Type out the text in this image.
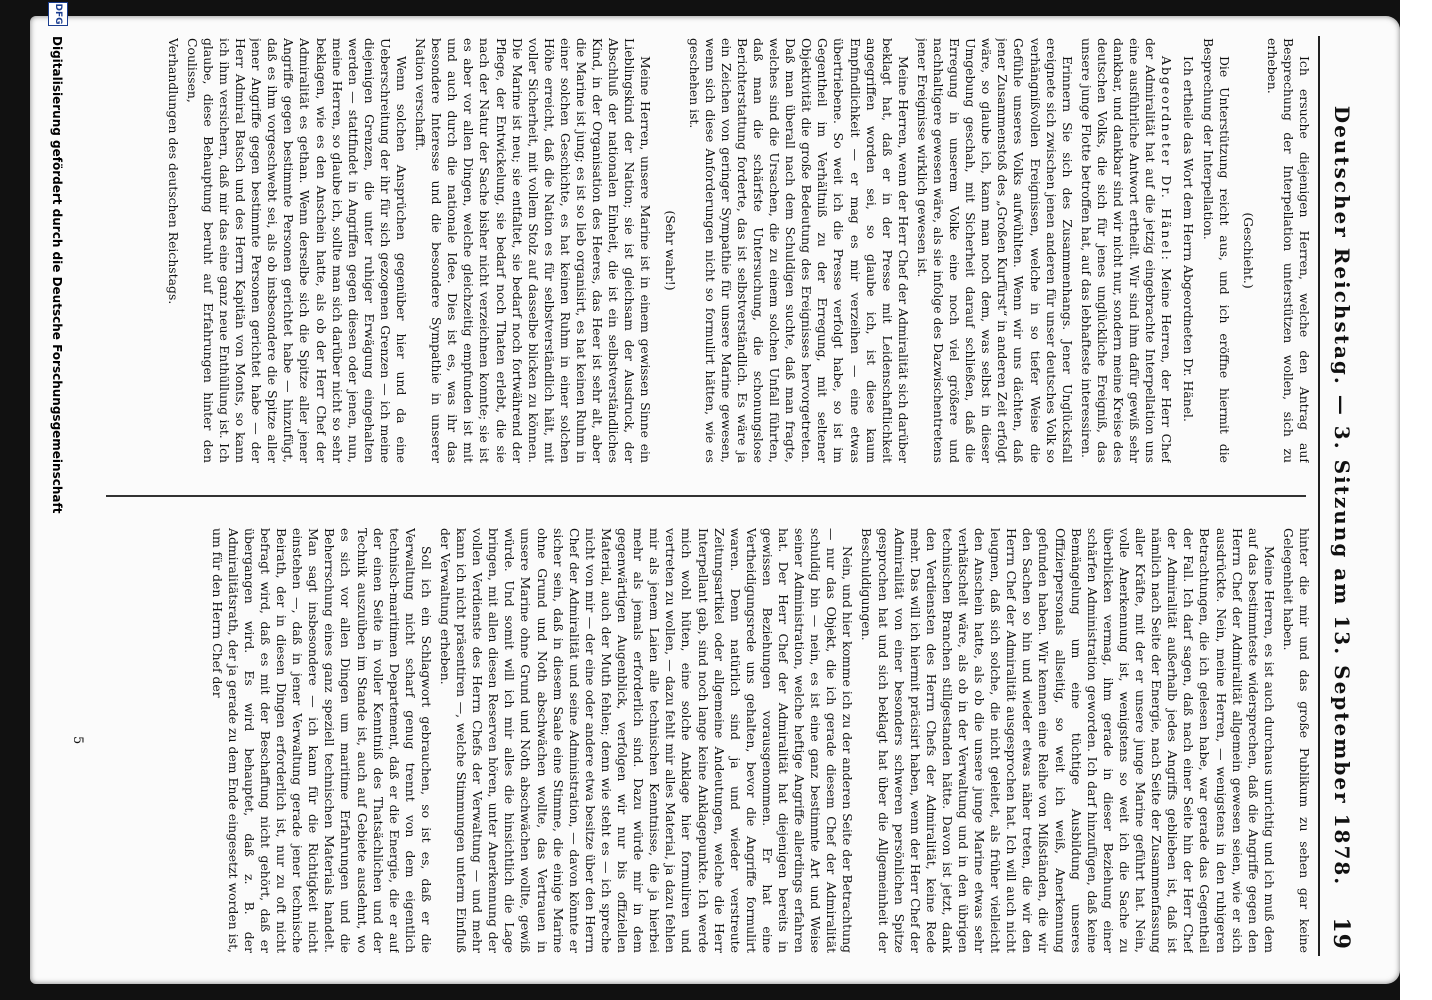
Deutscher Reichstag. — 3. Sitzung am 13. September 1878.
19

Ich ersuche diejenigen Herren, welche den Antrag auf Besprechung der Interpellation unterstützen wollen, sich zu erheben.

(Geschieht.)

Die Unterstützung reicht aus, und ich eröffne hiermit die Besprechung der Interpellation.

Ich ertheile das Wort dem Herrn Abgeordneten Dr. Hänel.

Abgeordneter Dr. Hänel: Meine Herren, der Herr Chef der Admiralität hat auf die jetzig eingebrachte Interpellation uns eine ausführliche Antwort ertheilt. Wir sind ihm dafür gewiß sehr dankbar, und dankbar sind wir nicht nur, sondern meine Kreise des deutschen Volks, die sich für jenes unglückliche Ereigniß, das unsere junge Flotte betroffen hat, auf das lebhafteste interessiren.

Erinnern Sie sich des Zusammenhangs. Jener Unglücksfall ereignete sich zwischen jenen anderen für unser deutsches Volk so verhängnißvollen Ereignissen, welche in so tiefer Weise die Gefühle unseres Volks aufwühlten. Wenn wir uns dächten, daß jener Zusammenstoß des „Großen Kurfürst“ in anderen Zeit erfolgt wäre, so glaube ich, kann man noch dem, was selbst in dieser Umgebung geschah, mit Sicherheit darauf schließen, daß die Erregung in unserem Volke eine noch viel größere und nachhaltigere gewesen wäre, als sie infolge des Dazwischentretens jener Ereignisse wirklich gewesen ist.

Meine Herren, wenn der Herr Chef der Admiralität sich darüber beklagt hat, daß er in der Presse mit Leidenschaftlichkeit angegriffen worden sei, so glaube ich, ist diese kaum Empfindlichkeit — er mag es mir verzeihen — eine etwas übertriebene. So weit ich die Presse verfolgt habe, so ist im Gegentheil im Verhältniß zu der Erregung, mit seltener Objektivität die große Bedeutung des Ereignisses hervorgetreten. Daß man überall nach dem Schuldigen suchte, daß man fragte, welches sind die Ursachen, die zu einem solchen Unfall führten, daß man die schärfste Untersuchung, die schonungslose Berichterstattung forderte, das ist selbstverständlich. Es wäre ja ein Zeichen von geringer Sympathie für unsere Marine gewesen, wenn sich diese Anforderungen nicht so formulirt hätten, wie es geschehen ist.

(Sehr wahr!)

Meine Herren, unsere Marine ist in einem gewissen Sinne ein Lieblingskind der Nation; sie ist gleichsam der Ausdruck, der Abschluß der nationalen Einheit, die ist ein selbstverständliches Kind, in der Organisation des Heeres, das Heer ist sehr alt, aber die Marine ist jung; es ist so lieb organisirt, es hat keinen Ruhm in einer solchen Geschichte, es hat keinen Ruhm in einer solchen Höhe erreicht, daß die Nation es für selbstverständlich hält, mit voller Sicherheit, mit vollem Stolz auf dasselbe blicken zu können. Die Marine ist neu; sie entfaltet, sie bedarf noch fortwährend der Pflege, der Entwickelung, sie bedarf noch Thaten erlebt, die sie nach der Natur der Sache bisher nicht verzeichnen konnte; sie ist es aber vor allen Dingen, welche gleichzeitig empfunden ist mit und auch durch die nationale Idee. Dies ist es, was ihr das besondere Interesse und die besondere Sympathie in unserer Nation verschafft.

Wenn solchen Ansprüchen gegenüber hier und da eine Ueberschreitung der ihr für sich gezogenen Grenzen — ich meine diejenigen Grenzen, die unter ruhiger Erwägung eingehalten werden — stattfindet in Angriffen gegen diesen oder jenen, nun, meine Herren, so glaube ich, sollte man sich darüber nicht so sehr beklagen, wie es den Anschein hatte, als ob der Herr Chef der Admiralität es gethan. Wenn derselbe sich die Spitze aller jener Angriffe gegen bestimmte Personen gerichtet habe — hinzufügt, daß es ihm vorgeschwebt sei, als ob insbesondere die Spitze aller jener Angriffe gegen bestimmte Personen gerichtet habe — der Herr Admiral Batsch und des Herrn Kapitän von Monts, so kann ich ihm versichern, daß mir das eine ganz neue Enthüllung ist. Ich glaube, diese Behauptung beruht auf Erfahrungen hinter den Coulissen,

Verhandlungen des deutschen Reichstags.

hinter die mir und das große Publikum zu sehen gar keine Gelegenheit haben.

Meine Herren, es ist auch durchaus unrichtig und ich muß dem auf das bestimmteste widersprechen, daß die Angriffe gegen den Herrn Chef der Admiralität allgemein gewesen seien, wie er sich ausdrückte. Nein, meine Herren, — wenigstens in den ruhigeren Betrachtungen, die ich gelesen habe, war gerade das Gegentheil der Fall. Ich darf sagen, daß nach einer Seite hin der Herr Chef der Admiralität außerhalb jedes Angriffs geblieben ist, daß ist nämlich nach Seite der Energie, nach Seite der Zusammenfassung aller Kräfte, mit der er unsere junge Marine geführt hat. Nein, volle Anerkennung ist, wenigstens so weit ich die Sache zu überblicken vermag, ihm gerade in dieser Beziehung einer schärfen Administration geworden. Ich darf hinzufügen, daß keine Bemängelung um eine tüchtige Ausbildung unseres Offizierpersonals allseitig, so weit ich weiß, Anerkennung gefunden haben. Wir kennen eine Reihe von Mißständen, die wir den Sachen so hin und wieder etwas näher treten, die wir den Herrn Chef der Admiralität ausgesprochen hat. Ich will auch nicht leugnen, daß sich solche, die nicht geleitet, als früher vielleicht den Anschein hatte, als ob die unsere junge Marine etwas sehr verhätschelt wäre, als ob in der Verwaltung und in den übrigen technischen Branchen stillgestanden hätte. Davon ist jetzt, dank den Verdiensten des Herrn Chefs der Admiralität, keine Rede mehr. Das will ich hiermit präcisirt haben, wenn der Herr Chef der Admiralität von einer besonders schweren persönlichen Spitze gesprochen hat und sich beklagt hat über die Allgemeinheit der Beschuldigungen.

Nein, und hier komme ich zu der anderen Seite der Betrachtung — nur das Objekt, die ich gerade diesem Chef der Admiralität schuldig bin — nein, es ist eine ganz bestimmte Art und Weise seiner Administration, welche heftige Angriffe allerdings erfahren hat. Der Herr Chef der Admiralität hat diejenigen bereits in gewissen Beziehungen vorausgenommen. Er hat eine Vertheidigungsrede uns gehalten, bevor die Angriffe formulirt waren. Denn natürlich sind ja und wieder verstreute Zeitungsartikel oder allgemeine Andeutungen, welche die Herr Interpellant gab, sind noch lange keine Anklagepunkte. Ich werde mich wohl hüten, eine solche Anklage hier formuliren und vertreten zu wollen, — dazu fehlt mir alles Material, ja dazu fehlen mir als jenem Laien alle technischen Kenntnisse, die ja hierbei mehr als jemals erforderlich sind. Dazu würde mir in dem gegenwärtigen Augenblick, verfolgen wir nur bis offiziellen Material, auch der Muth fehlen; denn wie steht es — ich spreche nicht von mir — der eine oder andere etwa besitze über den Herrn Chef der Admiralität und seine Administration, — davon könnte er sicher sein, daß in diesem Saale eine Stimme, die einige Marine ohne Grund und Noth abschwächen wollte, das Vertrauen in unsere Marine ohne Grund und Noth abschwächen wollte, gewiß würde. Und somit will ich mir alles die hinsichtlich die Lage bringen, mit allen diesen Reserven hören, unter Anerkennung der vollen Verdienste des Herrn Chefs der Verwaltung — und mehr kann ich nicht präsentiren —, welche Stimmungen unterm Einfluß der Verwaltung erheben.

Soll ich ein Schlagwort gebrauchen, so ist es, daß er die Verwaltung nicht scharf genug trennt von dem eigentlich technisch-maritimen Departement, daß er die Energie, die er auf der einen Seite in voller Kenntniß des Thatsächlichen und der Technik auszuüben im Stande ist, auch auf Gebiete ausdehnt, wo es sich vor allen Dingen um maritime Erfahrungen und die Beherrschung eines ganz speziell technischen Materials handelt. Man sagt insbesondere — ich kann für die Richtigkeit nicht einstehen —, daß in jener Verwaltung gerade jener technische Beirath, der in diesen Dingen erforderlich ist, nur zu oft nicht befragt wird, daß es mit der Beschaffung nicht gehört, daß er übergangen wird. Es wird behauptet, daß z. B. der Admiralitätsrath, der ja gerade zu dem Ende eingesetzt worden ist, um für den Herrn Chef der

5
DFG
Digitalisierung gefördert durch die Deutsche Forschungsgemeinschaft
